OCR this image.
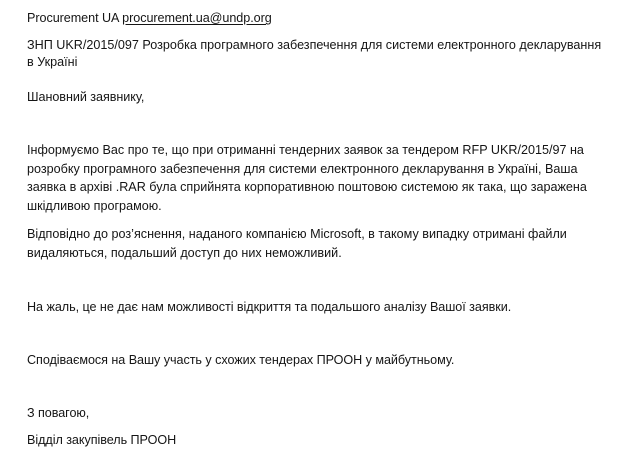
Procurement UA procurement.ua@undp.org
ЗНП UKR/2015/097 Розробка програмного забезпечення для системи електронного декларування
в Україні
Шановний заявнику,
Інформуємо Вас про те, що при отриманні тендерних заявок за тендером RFP UKR/2015/97 на
розробку програмного забезпечення для системи електронного декларування в Україні, Ваша
заявка в архіві .RAR була сприйнята корпоративною поштовою системою як така, що заражена
шкідливою програмою.
Відповідно до роз’яснення, наданого компанією Microsoft, в такому випадку отримані файли
видаляються, подальший доступ до них неможливий.
На жаль, це не дає нам можливості відкриття та подальшого аналізу Вашої заявки.
Сподіваємося на Вашу участь у схожих тендерах ПРООН у майбутньому.
З повагою,
Відділ закупівель ПРООН
